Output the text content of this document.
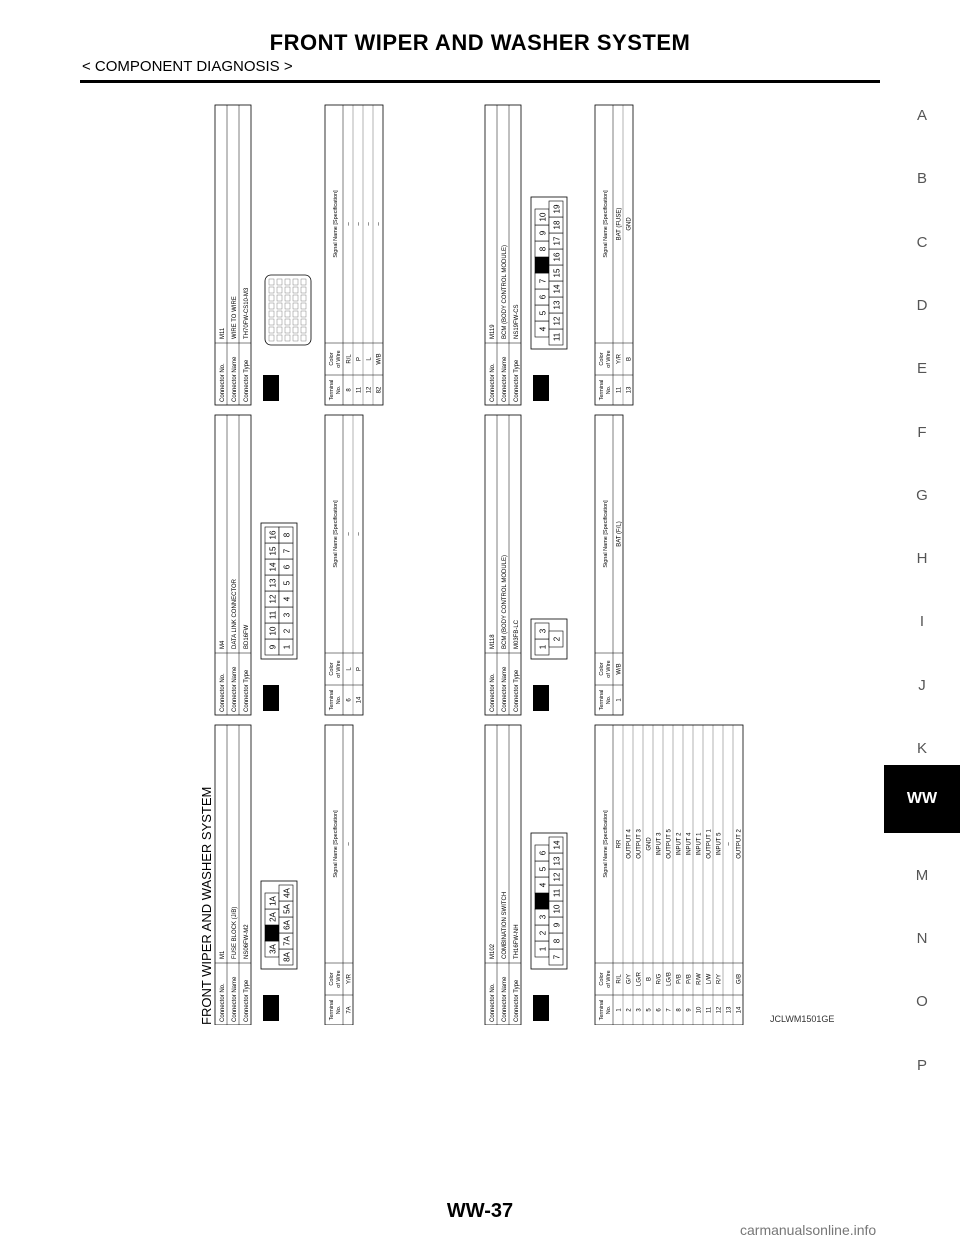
FRONT WIPER AND WASHER SYSTEM
< COMPONENT DIAGNOSIS >
A
B
C
D
E
F
G
H
I
J
K
WW
M
N
O
P
FRONT WIPER AND WASHER SYSTEM Connector No. Connector Name Connector Type
M1 FUSE BLOCK (J/B) NS06FW-M2
H.S.
3A
2A
1A
8A
7A
6A
5A
4A
Terminal No.
Color of Wire
Signal Name [Specification]
7A
Y/R
–
Connector No. Connector Name Connector Type
M4 DATA LINK CONNECTOR BD16FW
H.S.
9
10
11
12
13
14
15
16
1
2
3
4
5
6
7
8
Terminal No.
Color of Wire
Signal Name [Specification]
6
L
–
14
P
–
Connector No. Connector Name Connector Type
M11 WIRE TO WIRE TH70FW-CS10-M3
H.S.	Terminal No.
Color of Wire
Signal Name [Specification]
8
R/L
–
11
P
–
12
L
–
82
W/B
–
Connector No. Connector Name Connector Type
M102 COMBINATION SWITCH TH16FW-NH
H.S.
1
2
3
4
5
6
7
8
9
10
11
12
13
14
Terminal No.
Color of Wire
Signal Name [Specification]
1
R/L
RR
2
G/Y
OUTPUT 4
3
LG/R
OUTPUT 3
5
B
GND
6
R/G
INPUT 3
7
LG/B
OUTPUT 5
8
P/B
INPUT 2
9
P/B
INPUT 4
10
R/W
INPUT 1
11
L/W
OUTPUT 1
12
R/Y
INPUT 5
13
–
14
G/B
OUTPUT 2
Connector No. Connector Name Connector Type
M118 BCM (BODY CONTROL MODULE) M03FB-LC
H.S.
1
3
2
Terminal No.
Color of Wire
Signal Name [Specification]
1
W/B
BAT (F/L)
Connector No. Connector Name Connector Type
M119 BCM (BODY CONTROL MODULE) NS19FW-CS
H.S.
4
5
6
7
8
9
10
11
12
13
14
15
16
17
18
19
Terminal No.
Color of Wire
Signal Name [Specification]
11
Y/R
BAT (FUSE)
13
B
GND
JCLWM1501GE
WW-37
carmanualsonline.info
